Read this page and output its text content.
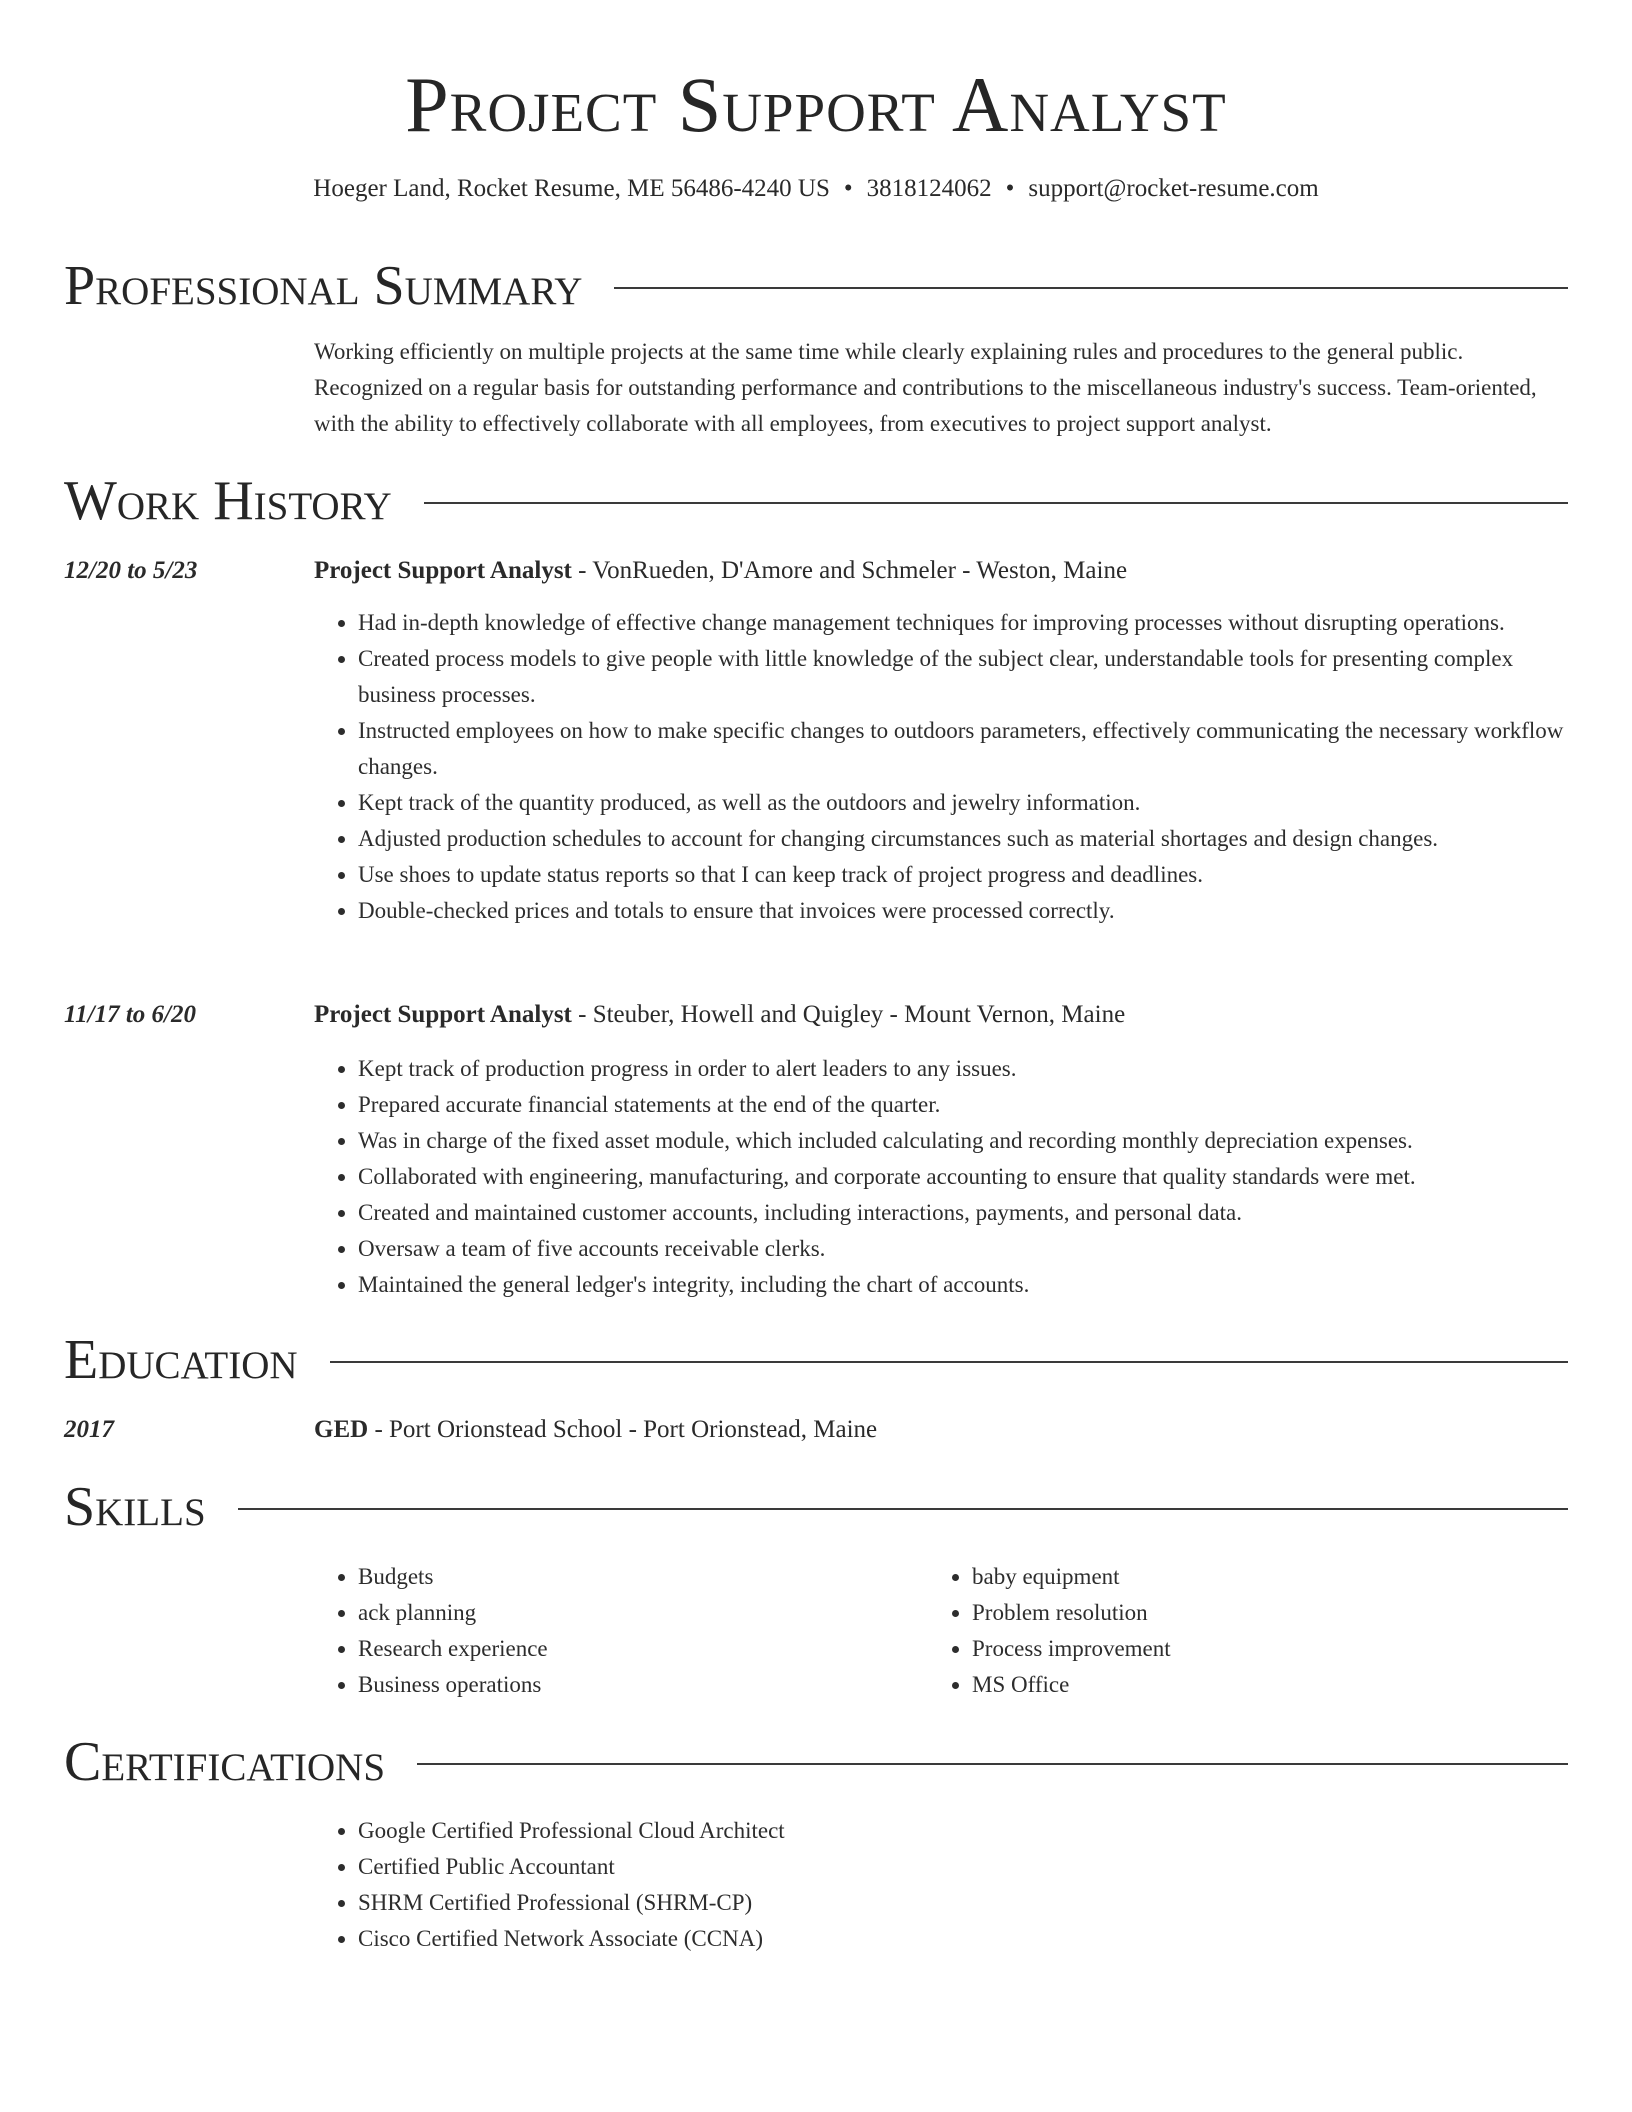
Project Support Analyst
Hoeger Land, Rocket Resume, ME 56486-4240 US • 3818124062 • support@rocket-resume.com
Professional Summary
Working efficiently on multiple projects at the same time while clearly explaining rules and procedures to the general public. Recognized on a regular basis for outstanding performance and contributions to the miscellaneous industry's success. Team-oriented, with the ability to effectively collaborate with all employees, from executives to project support analyst.
Work History
12/20 to 5/23	Project Support Analyst - VonRueden, D'Amore and Schmeler - Weston, Maine
• Had in-depth knowledge of effective change management techniques for improving processes without disrupting operations.
• Created process models to give people with little knowledge of the subject clear, understandable tools for presenting complex business processes.
• Instructed employees on how to make specific changes to outdoors parameters, effectively communicating the necessary workflow changes.
• Kept track of the quantity produced, as well as the outdoors and jewelry information.
• Adjusted production schedules to account for changing circumstances such as material shortages and design changes.
• Use shoes to update status reports so that I can keep track of project progress and deadlines.
• Double-checked prices and totals to ensure that invoices were processed correctly.
11/17 to 6/20	Project Support Analyst - Steuber, Howell and Quigley - Mount Vernon, Maine
• Kept track of production progress in order to alert leaders to any issues.
• Prepared accurate financial statements at the end of the quarter.
• Was in charge of the fixed asset module, which included calculating and recording monthly depreciation expenses.
• Collaborated with engineering, manufacturing, and corporate accounting to ensure that quality standards were met.
• Created and maintained customer accounts, including interactions, payments, and personal data.
• Oversaw a team of five accounts receivable clerks.
• Maintained the general ledger's integrity, including the chart of accounts.
Education
2017	GED - Port Orionstead School - Port Orionstead, Maine
Skills
• Budgets
• ack planning
• Research experience
• Business operations
• baby equipment
• Problem resolution
• Process improvement
• MS Office
Certifications
• Google Certified Professional Cloud Architect
• Certified Public Accountant
• SHRM Certified Professional (SHRM-CP)
• Cisco Certified Network Associate (CCNA)
